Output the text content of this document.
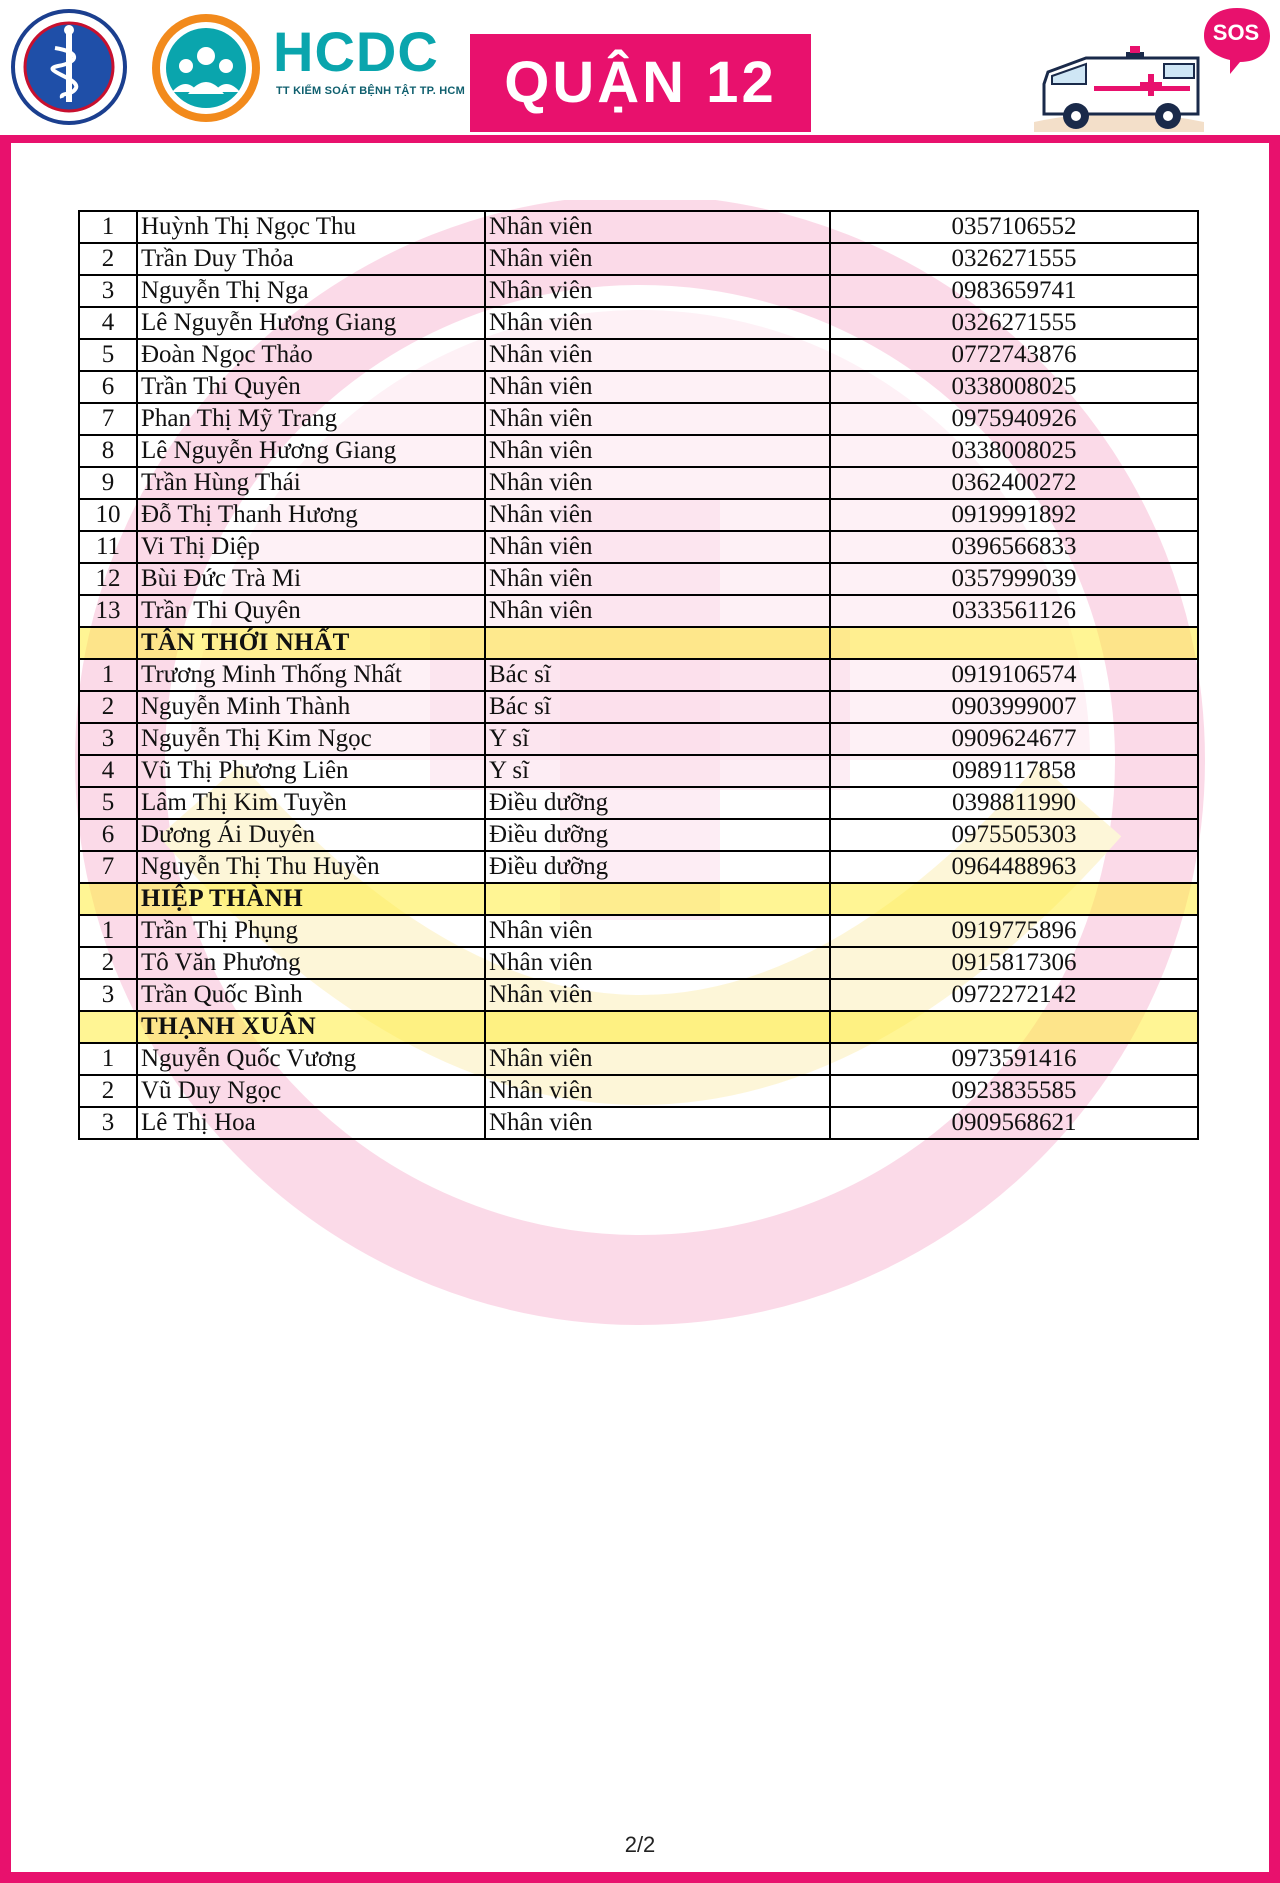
HCDC
TT KIỂM SOÁT BỆNH TẬT TP. HCM QUẬN 12
SOS
1	Huỳnh Thị Ngọc Thu	Nhân viên	0357106552
2	Trần Duy Thỏa	Nhân viên	0326271555
3	Nguyễn Thị Nga	Nhân viên	0983659741
4	Lê Nguyễn Hương Giang	Nhân viên	0326271555
5	Đoàn Ngọc Thảo	Nhân viên	0772743876
6	Trần Thi Quyên	Nhân viên	0338008025
7	Phan Thị Mỹ Trang	Nhân viên	0975940926
8	Lê Nguyễn Hương Giang	Nhân viên	0338008025
9	Trần Hùng Thái	Nhân viên	0362400272
10	Đỗ Thị Thanh Hương	Nhân viên	0919991892
11	Vi Thị Diệp	Nhân viên	0396566833
12	Bùi Đức Trà Mi	Nhân viên	0357999039
13	Trần Thi Quyên	Nhân viên	0333561126
	TÂN THỚI NHẤT		
1	Trương Minh Thống Nhất	Bác sĩ	0919106574
2	Nguyễn Minh Thành	Bác sĩ	0903999007
3	Nguyễn Thị Kim Ngọc	Y sĩ	0909624677
4	Vũ Thị Phương Liên	Y sĩ	0989117858
5	Lâm Thị Kim Tuyền	Điều dưỡng	0398811990
6	Dương Ái Duyên	Điều dưỡng	0975505303
7	Nguyễn Thị Thu Huyền	Điều dưỡng	0964488963
	HIỆP THÀNH		
1	Trần Thị Phụng	Nhân viên	0919775896
2	Tô Văn Phương	Nhân viên	0915817306
3	Trần Quốc Bình	Nhân viên	0972272142
	THẠNH XUÂN		
1	Nguyễn Quốc Vương	Nhân viên	0973591416
2	Vũ Duy Ngọc	Nhân viên	0923835585
3	Lê Thị Hoa	Nhân viên	0909568621
2/2
